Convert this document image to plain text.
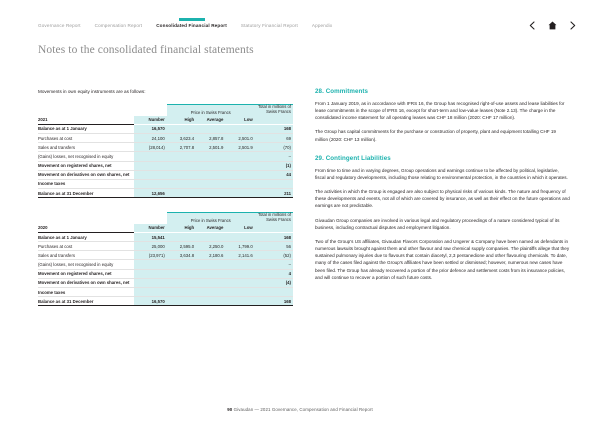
Governance Report	Compensation Report	Consolidated Financial Report	Statutory Financial Report	Appendix
Notes to the consolidated financial statements
Movements in own equity instruments are as follows:
		Price in Swiss Francs			Total in millions of Swiss Francs
2021	Number	High	Average	Low	
Balance as at 1 January	16,570				168
Purchases at cost	24,100	3,623.4	2,857.8	2,501.0	69
Sales and transfers	(28,014)	2,707.8	2,501.9	2,501.9	(70)
(Gains) losses, net recognised in equity					–
Movement on registered shares, net					(1)
Movement on derivatives on own shares, net					44
Income taxes					
Balance as at 31 December	12,656				211
		Price in Swiss Francs			Total in millions of Swiss Francs
2020	Number	High	Average	Low	
Balance as at 1 January	15,541				168
Purchases at cost	25,000	2,595.0	2,250.0	1,799.0	56
Sales and transfers	(23,971)	3,634.8	2,180.6	2,141.6	(52)
(Gains) losses, net recognised in equity					–
Movement on registered shares, net					4
Movement on derivatives on own shares, net					(4)
Income taxes					
Balance as at 31 December	16,570				168
28. Commitments

From 1 January 2019, as in accordance with IFRS 16, the Group has recognised right-of-use assets and lease liabilities for lease commitments in the scope of IFRS 16, except for short-term and low-value leases (Note 2.13). The charge in the consolidated income statement for all operating leases was CHF 18 million (2020: CHF 17 million).

The Group has capital commitments for the purchase or construction of property, plant and equipment totalling CHF 19 million (2020: CHF 13 million).

29. Contingent Liabilities

From time to time and in varying degrees, Group operations and earnings continue to be affected by political, legislative, fiscal and regulatory developments, including those relating to environmental protection, in the countries in which it operates.

The activities in which the Group is engaged are also subject to physical risks of various kinds. The nature and frequency of these developments and events, not all of which are covered by insurance, as well as their effect on the future operations and earnings are not predictable.

Givaudan Group companies are involved in various legal and regulatory proceedings of a nature considered typical of its business, including contractual disputes and employment litigation.

Two of the Group's US affiliates, Givaudan Flavors Corporation and Ungerer & Company have been named as defendants in numerous lawsuits brought against them and other flavour and raw chemical supply companies. The plaintiffs allege that they sustained pulmonary injuries due to flavours that contain diacetyl, 2,3 pentanedione and other flavouring chemicals. To date, many of the cases filed against the Group's affiliates have been settled or dismissed; however, numerous new cases have been filed. The Group has already recovered a portion of the prior defence and settlement costs from its insurance policies, and will continue to recover a portion of such future costs.

90 Givaudan — 2021 Governance, Compensation and Financial Report
